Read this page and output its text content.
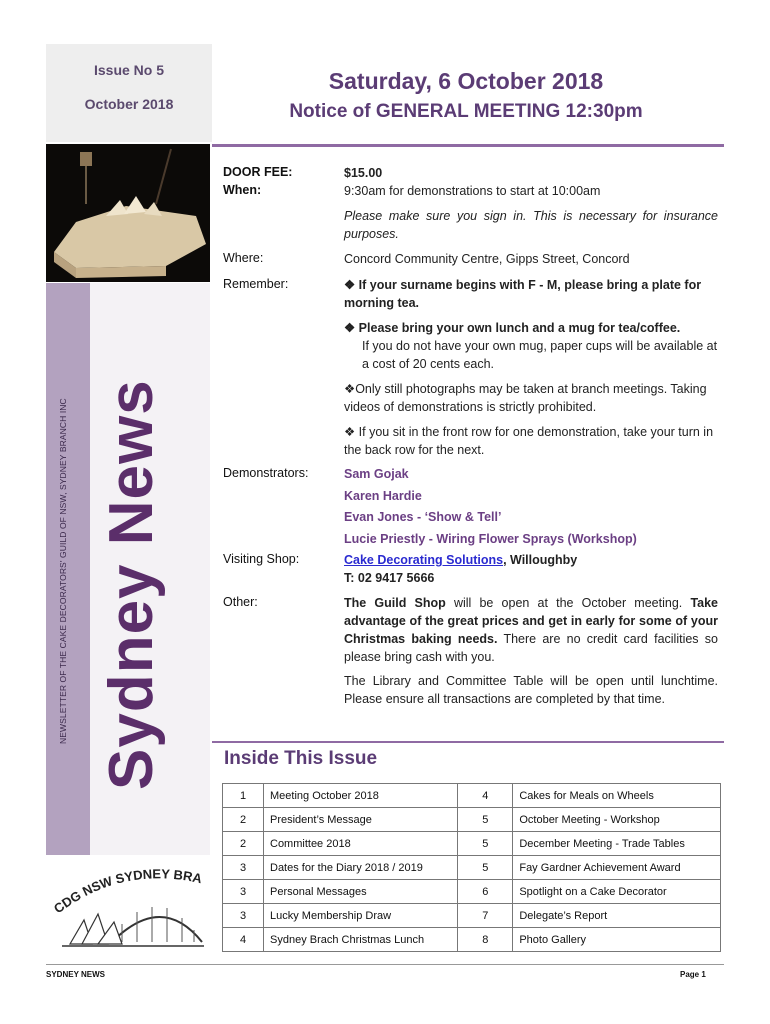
Issue No 5
October 2018
NEWSLETTER OF THE CAKE DECORATORS' GUILD OF NSW, SYDNEY BRANCH INC Sydney News
CDG NSW SYDNEY BRA
Saturday, 6 October 2018
Notice of GENERAL MEETING 12:30pm
DOOR FEE:	$15.00
When:	9:30am for demonstrations to start at 10:00am
Please make sure you sign in. This is necessary for insurance purposes.
Where:	Concord Community Centre, Gipps Street, Concord
Remember:	❖ If your surname begins with F - M, please bring a plate for morning tea.
❖ Please bring your own lunch and a mug for tea/coffee.
If you do not have your own mug, paper cups will be available at a cost of 20 cents each.
❖Only still photographs may be taken at branch meetings. Taking videos of demonstrations is strictly prohibited.
❖ If you sit in the front row for one demonstration, take your turn in the back row for the next.
Demonstrators:	Sam Gojak
Karen Hardie
Evan Jones - ‘Show & Tell’
Lucie Priestly - Wiring Flower Sprays (Workshop)
Visiting Shop:	Cake Decorating Solutions, Willoughby
T: 02 9417 5666
Other:	The Guild Shop will be open at the October meeting. Take advantage of the great prices and get in early for some of your Christmas baking needs. There are no credit card facilities so please bring cash with you.
The Library and Committee Table will be open until lunchtime. Please ensure all transactions are completed by that time.
Inside This Issue
1	Meeting October 2018	4	Cakes for Meals on Wheels
2	President’s Message	5	October Meeting - Workshop
2	Committee 2018	5	December Meeting - Trade Tables
3	Dates for the Diary 2018 / 2019	5	Fay Gardner Achievement Award
3	Personal Messages	6	Spotlight on a Cake Decorator
3	Lucky Membership Draw	7	Delegate’s Report
4	Sydney Brach Christmas Lunch	8	Photo Gallery
SYDNEY NEWS	Page 1
